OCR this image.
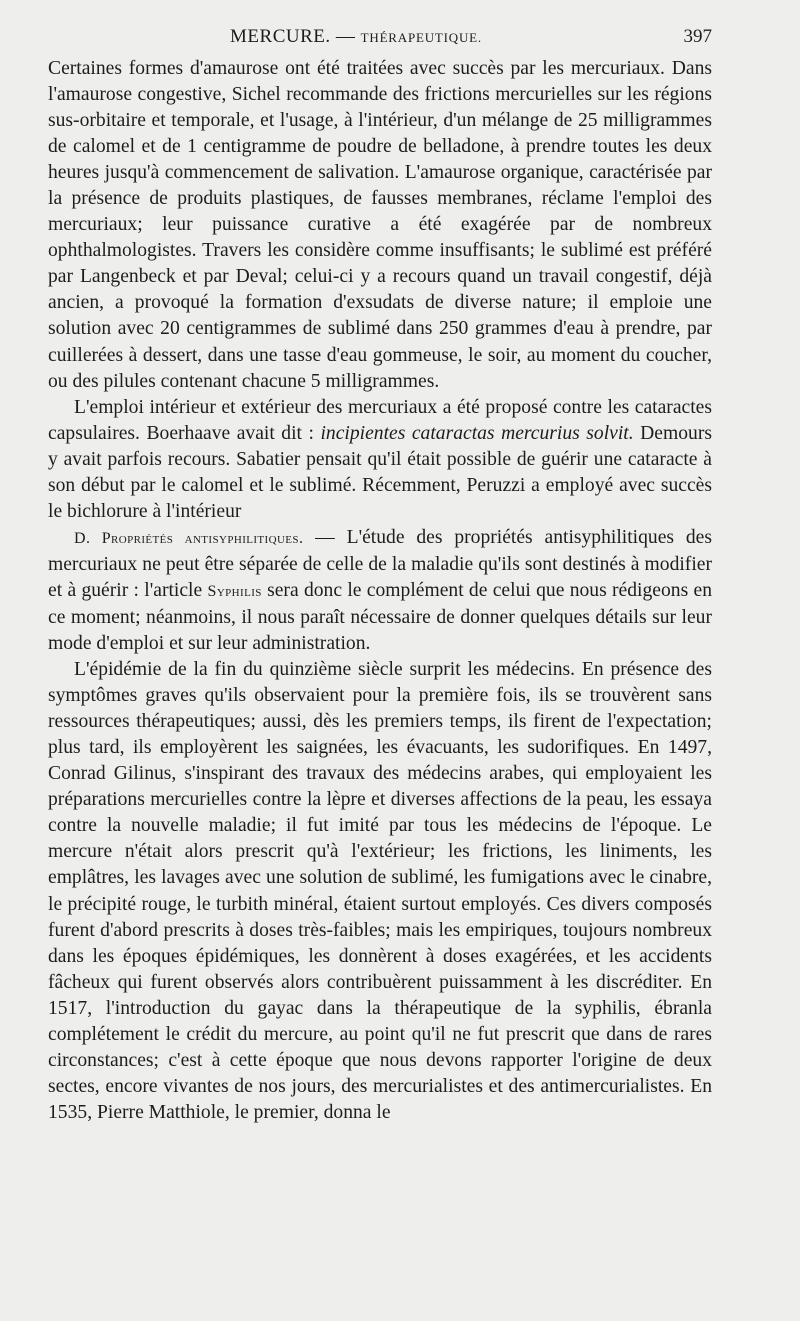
MERCURE. — THÉRAPEUTIQUE.	397

Certaines formes d'amaurose ont été traitées avec succès par les mercuriaux. Dans l'amaurose congestive, Sichel recommande des frictions mercurielles sur les régions sus-orbitaire et temporale, et l'usage, à l'intérieur, d'un mélange de 25 milligrammes de calomel et de 1 centigramme de poudre de belladone, à prendre toutes les deux heures jusqu'à commencement de salivation. L'amaurose organique, caractérisée par la présence de produits plastiques, de fausses membranes, réclame l'emploi des mercuriaux; leur puissance curative a été exagérée par de nombreux ophthalmologistes. Travers les considère comme insuffisants; le sublimé est préféré par Langenbeck et par Deval; celui-ci y a recours quand un travail congestif, déjà ancien, a provoqué la formation d'exsudats de diverse nature; il emploie une solution avec 20 centigrammes de sublimé dans 250 grammes d'eau à prendre, par cuillerées à dessert, dans une tasse d'eau gommeuse, le soir, au moment du coucher, ou des pilules contenant chacune 5 milligrammes.

L'emploi intérieur et extérieur des mercuriaux a été proposé contre les cataractes capsulaires. Boerhaave avait dit : incipientes cataractas mercurius solvit. Demours y avait parfois recours. Sabatier pensait qu'il était possible de guérir une cataracte à son début par le calomel et le sublimé. Récemment, Peruzzi a employé avec succès le bichlorure à l'intérieur

D. Propriétés antisyphilitiques. — L'étude des propriétés antisyphilitiques des mercuriaux ne peut être séparée de celle de la maladie qu'ils sont destinés à modifier et à guérir : l'article Syphilis sera donc le complément de celui que nous rédigeons en ce moment; néanmoins, il nous paraît nécessaire de donner quelques détails sur leur mode d'emploi et sur leur administration.

L'épidémie de la fin du quinzième siècle surprit les médecins. En présence des symptômes graves qu'ils observaient pour la première fois, ils se trouvèrent sans ressources thérapeutiques; aussi, dès les premiers temps, ils firent de l'expectation; plus tard, ils employèrent les saignées, les évacuants, les sudorifiques. En 1497, Conrad Gilinus, s'inspirant des travaux des médecins arabes, qui employaient les préparations mercurielles contre la lèpre et diverses affections de la peau, les essaya contre la nouvelle maladie; il fut imité par tous les médecins de l'époque. Le mercure n'était alors prescrit qu'à l'extérieur; les frictions, les liniments, les emplâtres, les lavages avec une solution de sublimé, les fumigations avec le cinabre, le précipité rouge, le turbith minéral, étaient surtout employés. Ces divers composés furent d'abord prescrits à doses très-faibles; mais les empiriques, toujours nombreux dans les époques épidémiques, les donnèrent à doses exagérées, et les accidents fâcheux qui furent observés alors contribuèrent puissamment à les discréditer. En 1517, l'introduction du gayac dans la thérapeutique de la syphilis, ébranla complétement le crédit du mercure, au point qu'il ne fut prescrit que dans de rares circonstances; c'est à cette époque que nous devons rapporter l'origine de deux sectes, encore vivantes de nos jours, des mercurialistes et des antimercurialistes. En 1535, Pierre Matthiole, le premier, donna le
